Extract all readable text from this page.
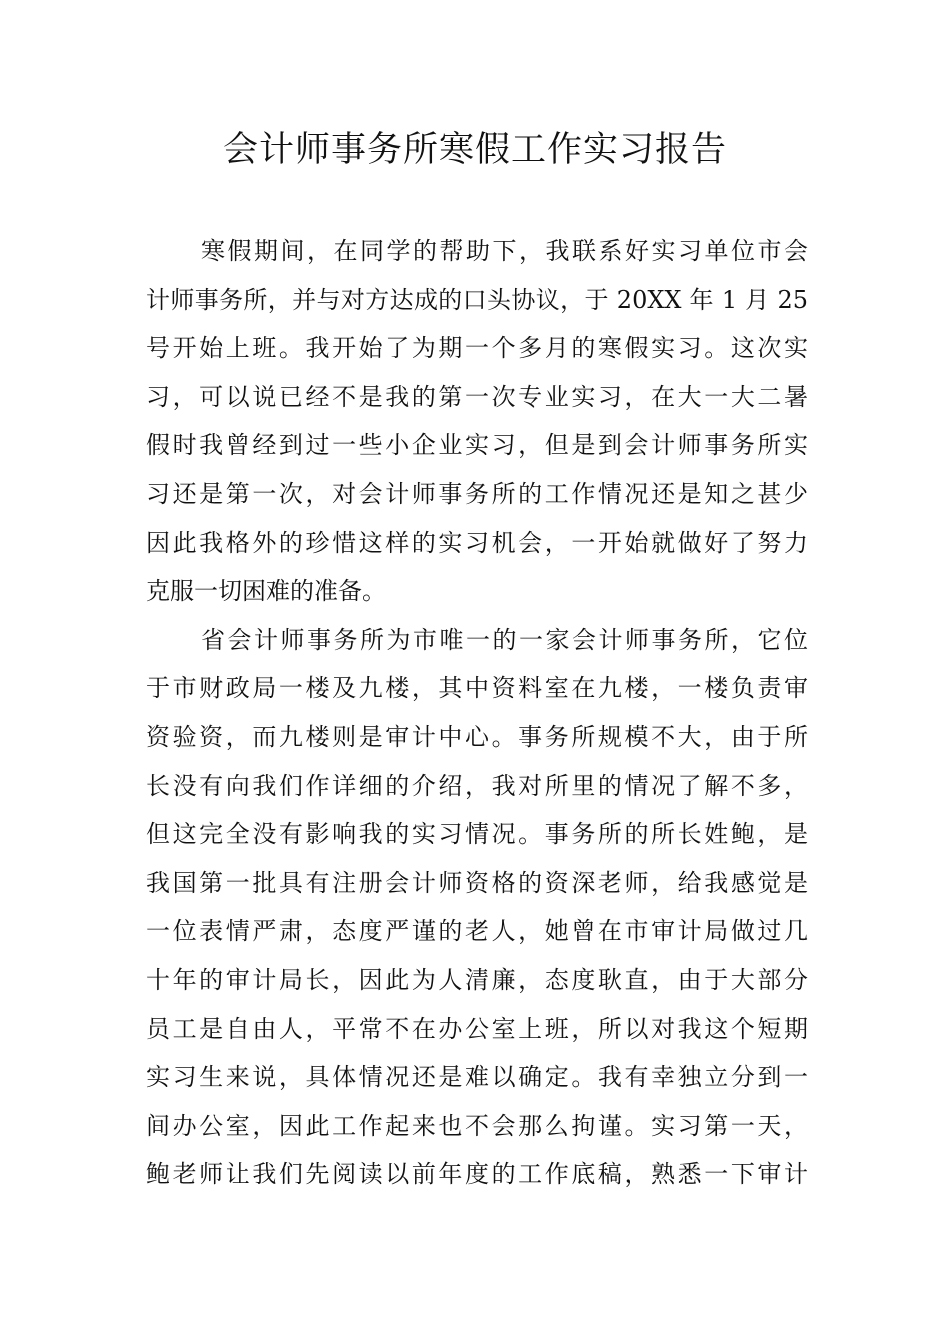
会计师事务所寒假工作实习报告
寒假期间，在同学的帮助下，我联系好实习单位市会
计师事务所，并与对方达成的口头协议，于 20XX 年 1 月 25
号开始上班。我开始了为期一个多月的寒假实习。这次实
习，可以说已经不是我的第一次专业实习，在大一大二暑
假时我曾经到过一些小企业实习，但是到会计师事务所实
习还是第一次，对会计师事务所的工作情况还是知之甚少
因此我格外的珍惜这样的实习机会，一开始就做好了努力
克服一切困难的准备。
省会计师事务所为市唯一的一家会计师事务所，它位
于市财政局一楼及九楼，其中资料室在九楼，一楼负责审
资验资，而九楼则是审计中心。事务所规模不大，由于所
长没有向我们作详细的介绍，我对所里的情况了解不多，
但这完全没有影响我的实习情况。事务所的所长姓鲍，是
我国第一批具有注册会计师资格的资深老师，给我感觉是
一位表情严肃，态度严谨的老人，她曾在市审计局做过几
十年的审计局长，因此为人清廉，态度耿直，由于大部分
员工是自由人，平常不在办公室上班，所以对我这个短期
实习生来说，具体情况还是难以确定。我有幸独立分到一
间办公室，因此工作起来也不会那么拘谨。实习第一天，
鲍老师让我们先阅读以前年度的工作底稿，熟悉一下审计
